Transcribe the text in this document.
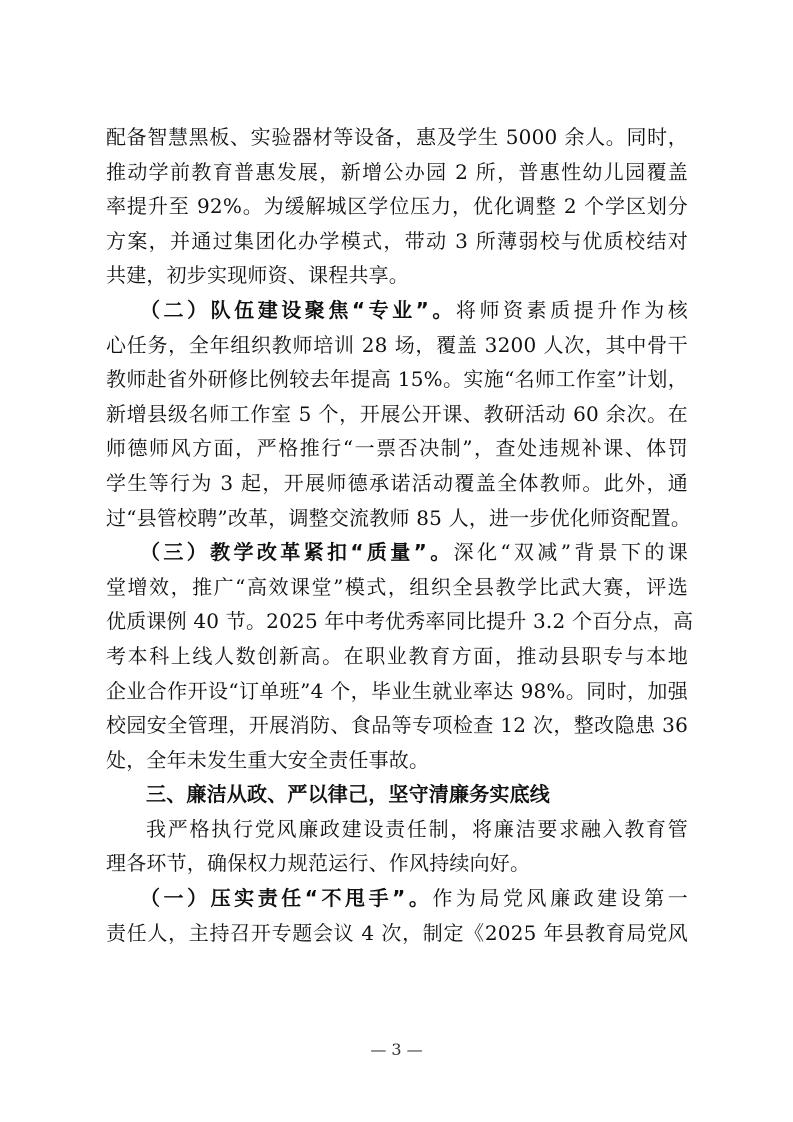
配备智慧黑板、实验器材等设备，惠及学生 5000 余人。同时，
推动学前教育普惠发展，新增公办园 2 所，普惠性幼儿园覆盖
率提升至 92%。为缓解城区学位压力，优化调整 2 个学区划分
方案，并通过集团化办学模式，带动 3 所薄弱校与优质校结对
共建，初步实现师资、课程共享。
（二）队伍建设聚焦“专业”。将师资素质提升作为核
心任务，全年组织教师培训 28 场，覆盖 3200 人次，其中骨干
教师赴省外研修比例较去年提高 15%。实施“名师工作室”计划，
新增县级名师工作室 5 个，开展公开课、教研活动 60 余次。在
师德师风方面，严格推行“一票否决制”，查处违规补课、体罚
学生等行为 3 起，开展师德承诺活动覆盖全体教师。此外，通
过“县管校聘”改革，调整交流教师 85 人，进一步优化师资配置。
（三）教学改革紧扣“质量”。深化“双减”背景下的课
堂增效，推广“高效课堂”模式，组织全县教学比武大赛，评选
优质课例 40 节。2025 年中考优秀率同比提升 3.2 个百分点，高
考本科上线人数创新高。在职业教育方面，推动县职专与本地
企业合作开设“订单班”4 个，毕业生就业率达 98%。同时，加强
校园安全管理，开展消防、食品等专项检查 12 次，整改隐患 36
处，全年未发生重大安全责任事故。
三、廉洁从政、严以律己，坚守清廉务实底线
我严格执行党风廉政建设责任制，将廉洁要求融入教育管
理各环节，确保权力规范运行、作风持续向好。
（一）压实责任“不甩手”。作为局党风廉政建设第一
责任人，主持召开专题会议 4 次，制定《2025 年县教育局党风
— 3 —
